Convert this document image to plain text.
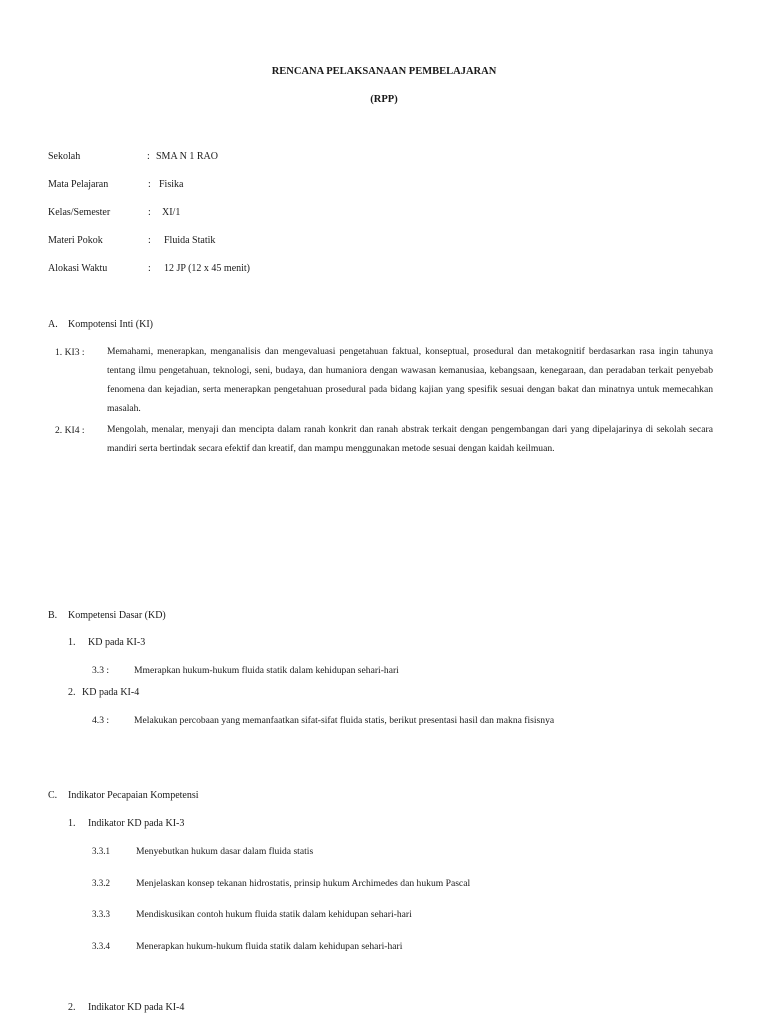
RENCANA PELAKSANAAN PEMBELAJARAN
(RPP)
Sekolah	: SMA N 1 RAO
Mata Pelajaran	: Fisika
Kelas/Semester	: XI/1
Materi Pokok	: Fluida Statik
Alokasi Waktu	: 12 JP (12 x 45 menit)
A. Kompotensi Inti (KI)
1. KI3 : Memahami, menerapkan, menganalisis dan mengevaluasi pengetahuan faktual, konseptual, prosedural dan metakognitif berdasarkan rasa ingin tahunya tentang ilmu pengetahuan, teknologi, seni, budaya, dan humaniora dengan wawasan kemanusiaa, kebangsaan, kenegaraan, dan peradaban terkait penyebab fenomena dan kejadian, serta menerapkan pengetahuan prosedural pada bidang kajian yang spesifik sesuai dengan bakat dan minatnya untuk memecahkan masalah.
2. KI4 : Mengolah, menalar, menyaji dan mencipta dalam ranah konkrit dan ranah abstrak terkait dengan pengembangan dari yang dipelajarinya di sekolah secara mandiri serta bertindak secara efektif dan kreatif, dan mampu menggunakan metode sesuai dengan kaidah keilmuan.
B. Kompetensi Dasar (KD)
1. KD pada KI-3
3.3 :	Mmerapkan hukum-hukum fluida statik dalam kehidupan sehari-hari
2. KD pada KI-4
4.3 :	Melakukan percobaan yang memanfaatkan sifat-sifat fluida statis, berikut presentasi hasil dan makna fisisnya
C. Indikator Pecapaian Kompetensi
1. Indikator KD pada KI-3
3.3.1	Menyebutkan hukum dasar dalam fluida statis
3.3.2	Menjelaskan konsep tekanan hidrostatis, prinsip hukum Archimedes dan hukum Pascal
3.3.3	Mendiskusikan contoh hukum fluida statik dalam kehidupan sehari-hari
3.3.4	Menerapkan hukum-hukum fluida statik dalam kehidupan sehari-hari
2. Indikator KD pada KI-4
